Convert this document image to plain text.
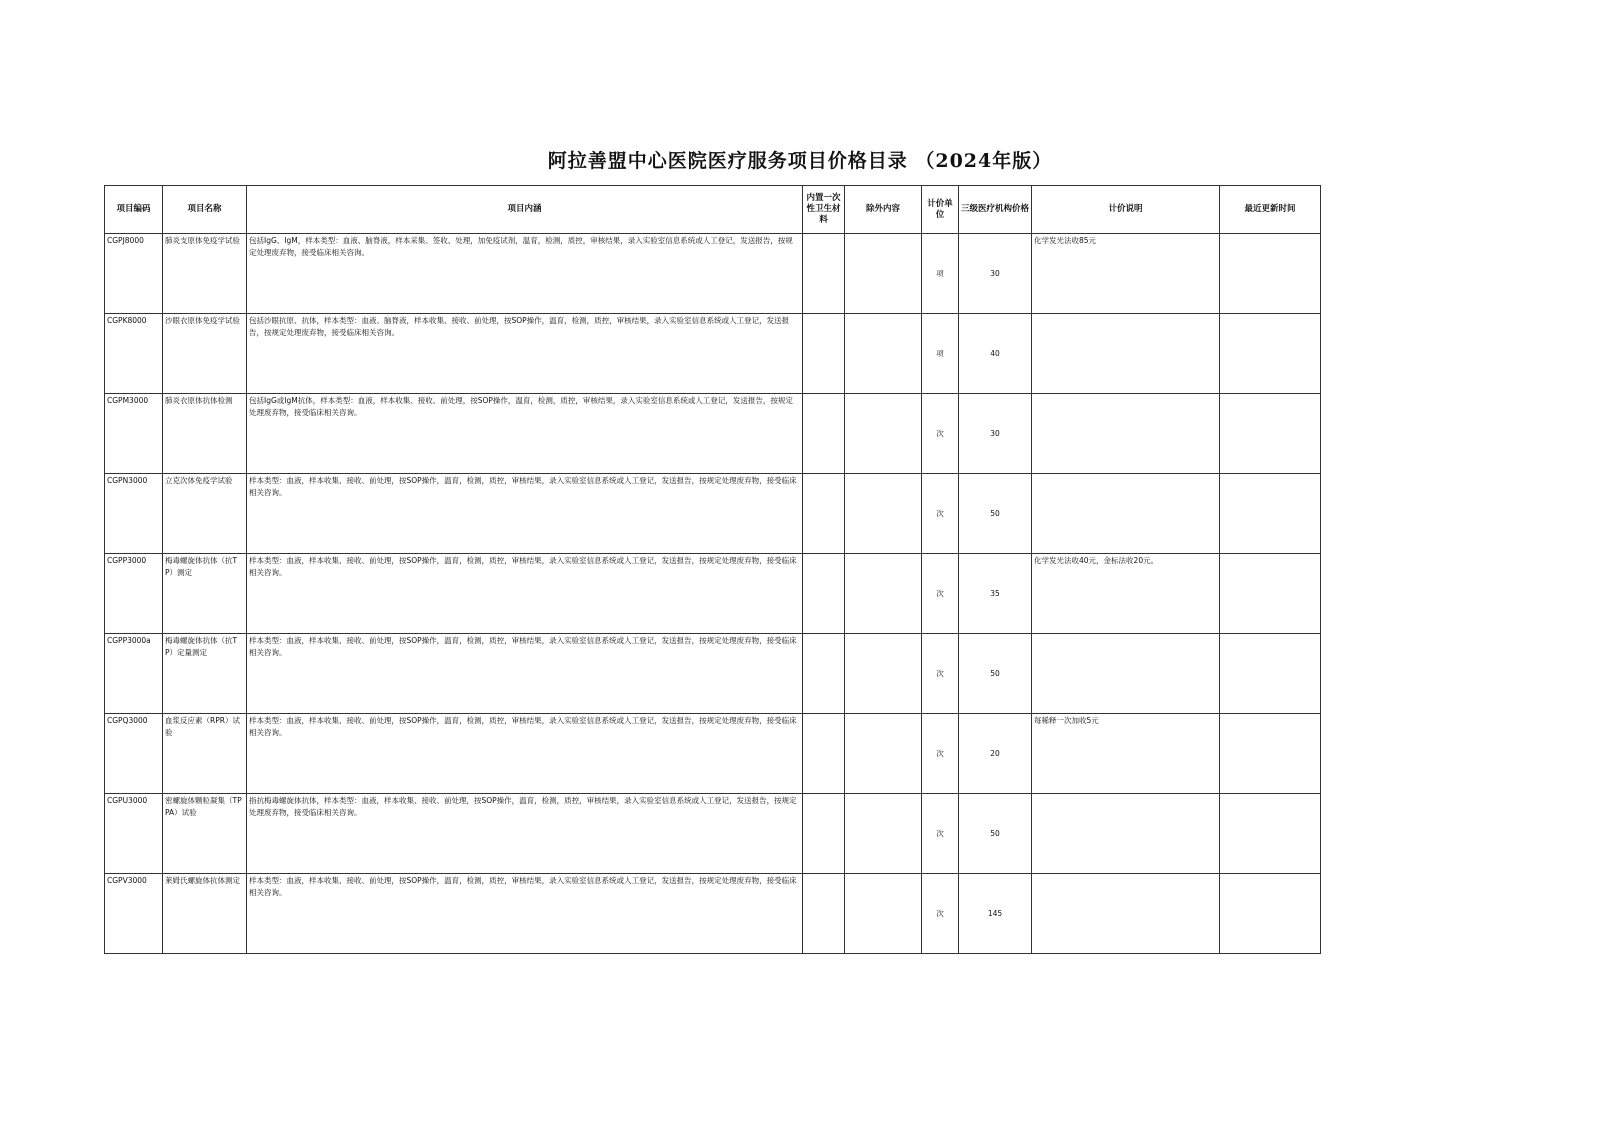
阿拉善盟中心医院医疗服务项目价格目录 （2024年版）
项目编码	项目名称	项目内涵	内置一次性卫生材料	除外内容	计价单位	三级医疗机构价格	计价说明	最近更新时间
CGPJ8000	肺炎支原体免疫学试验	包括IgG、IgM，样本类型：血液、脑脊液，样本采集、签收、处理，加免疫试剂，温育，检测，质控，审核结果，录入实验室信息系统或人工登记，发送报告，按规定处理废弃物，接受临床相关咨询。			项	30	化学发光法收85元	
CGPK8000	沙眼衣原体免疫学试验	包括沙眼抗原、抗体，样本类型：血液、脑脊液，样本收集、接收、前处理，按SOP操作，温育，检测，质控，审核结果，录入实验室信息系统或人工登记，发送报告，按规定处理废弃物，接受临床相关咨询。			项	40		
CGPM3000	肺炎衣原体抗体检测	包括IgG或IgM抗体，样本类型：血液，样本收集、接收、前处理，按SOP操作，温育，检测，质控，审核结果，录入实验室信息系统或人工登记，发送报告，按规定处理废弃物，接受临床相关咨询。			次	30		
CGPN3000	立克次体免疫学试验	样本类型：血液，样本收集、接收、前处理，按SOP操作，温育，检测，质控，审核结果，录入实验室信息系统或人工登记，发送报告，按规定处理废弃物，接受临床相关咨询。			次	50		
CGPP3000	梅毒螺旋体抗体（抗TP）测定	样本类型：血液，样本收集、接收、前处理，按SOP操作，温育，检测，质控，审核结果，录入实验室信息系统或人工登记，发送报告，按规定处理废弃物，接受临床相关咨询。			次	35	化学发光法收40元，金标法收20元。	
CGPP3000a	梅毒螺旋体抗体（抗TP）定量测定	样本类型：血液，样本收集、接收、前处理，按SOP操作，温育，检测，质控，审核结果，录入实验室信息系统或人工登记，发送报告，按规定处理废弃物，接受临床相关咨询。			次	50		
CGPQ3000	血浆反应素（RPR）试验	样本类型：血液，样本收集、接收、前处理，按SOP操作，温育，检测，质控，审核结果，录入实验室信息系统或人工登记，发送报告，按规定处理废弃物，接受临床相关咨询。			次	20	每稀释一次加收5元	
CGPU3000	密螺旋体颗粒凝集（TPPA）试验	指抗梅毒螺旋体抗体，样本类型：血液，样本收集、接收、前处理，按SOP操作，温育，检测，质控，审核结果，录入实验室信息系统或人工登记，发送报告，按规定处理废弃物，接受临床相关咨询。			次	50		
CGPV3000	莱姆氏螺旋体抗体测定	样本类型：血液，样本收集、接收、前处理，按SOP操作，温育，检测，质控，审核结果，录入实验室信息系统或人工登记，发送报告，按规定处理废弃物，接受临床相关咨询。			次	145		
